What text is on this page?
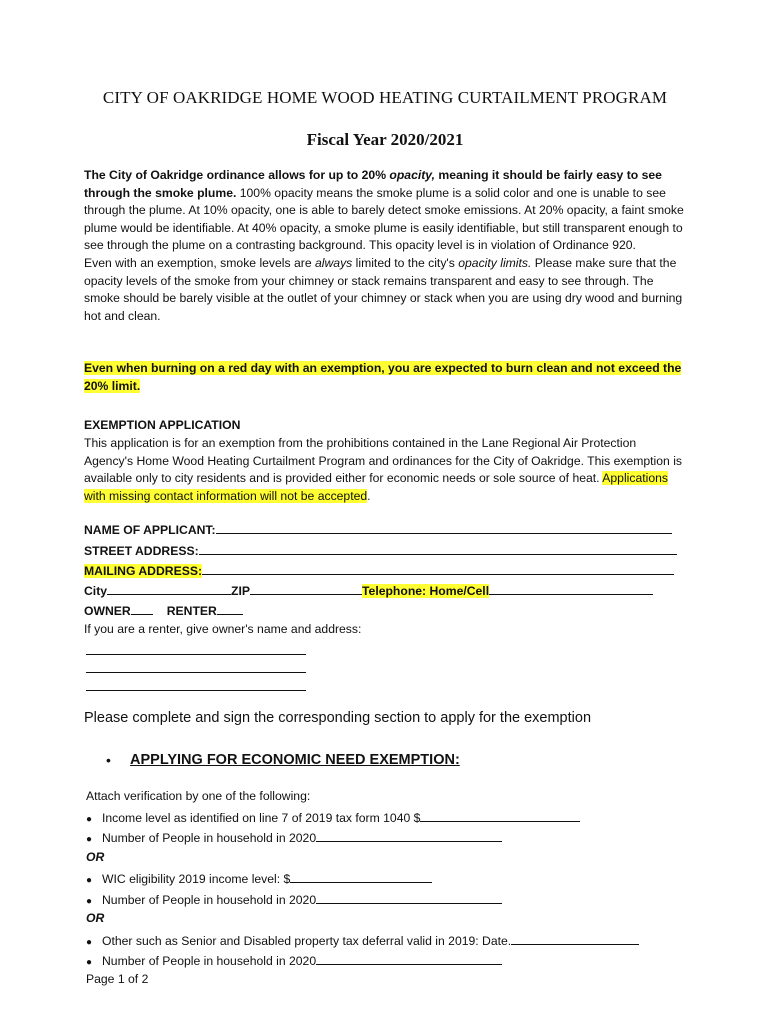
CITY OF OAKRIDGE HOME WOOD HEATING CURTAILMENT PROGRAM
Fiscal Year 2020/2021
The City of Oakridge ordinance allows for up to 20% opacity, meaning it should be fairly easy to see through the smoke plume. 100% opacity means the smoke plume is a solid color and one is unable to see through the plume. At 10% opacity, one is able to barely detect smoke emissions. At 20% opacity, a faint smoke plume would be identifiable. At 40% opacity, a smoke plume is easily identifiable, but still transparent enough to see through the plume on a contrasting background. This opacity level is in violation of Ordinance 920.
Even with an exemption, smoke levels are always limited to the city's opacity limits. Please make sure that the opacity levels of the smoke from your chimney or stack remains transparent and easy to see through. The smoke should be barely visible at the outlet of your chimney or stack when you are using dry wood and burning hot and clean.
Even when burning on a red day with an exemption, you are expected to burn clean and not exceed the 20% limit.
EXEMPTION APPLICATION
This application is for an exemption from the prohibitions contained in the Lane Regional Air Protection Agency's Home Wood Heating Curtailment Program and ordinances for the City of Oakridge. This exemption is available only to city residents and is provided either for economic needs or sole source of heat. Applications with missing contact information will not be accepted.
NAME OF APPLICANT:
STREET ADDRESS:
MAILING ADDRESS:
City	ZIP	Telephone: Home/Cell
OWNER	RENTER
If you are a renter, give owner's name and address:
Please complete and sign the corresponding section to apply for the exemption
• APPLYING FOR ECONOMIC NEED EXEMPTION:
Attach verification by one of the following:
● Income level as identified on line 7 of 2019 tax form 1040 $
● Number of People in household in 2020
OR
● WIC eligibility 2019 income level: $
● Number of People in household in 2020
OR
● Other such as Senior and Disabled property tax deferral valid in 2019: Date.
● Number of People in household in 2020
Page 1 of 2
